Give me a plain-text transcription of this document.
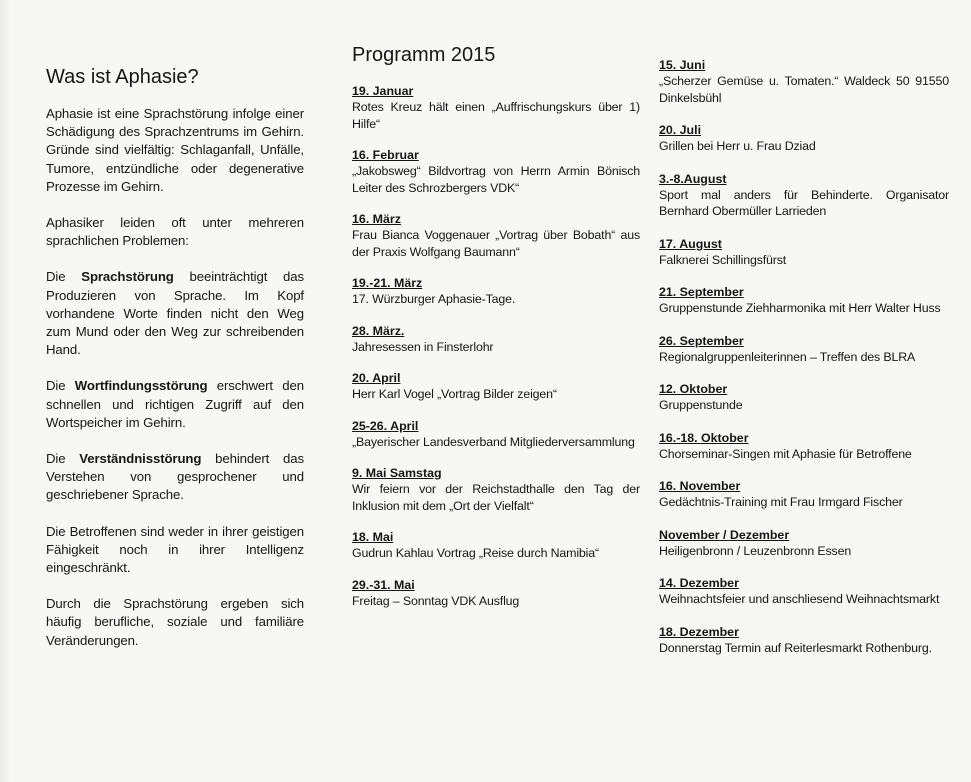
Was ist Aphasie?

Aphasie ist eine Sprachstörung infolge einer Schädigung des Sprachzentrums im Gehirn. Gründe sind vielfältig: Schlaganfall, Unfälle, Tumore, entzündliche oder degenerative Prozesse im Gehirn.

Aphasiker leiden oft unter mehreren sprachlichen Problemen:

Die Sprachstörung beeinträchtigt das Produzieren von Sprache. Im Kopf vorhandene Worte finden nicht den Weg zum Mund oder den Weg zur schreibenden Hand.

Die Wortfindungsstörung erschwert den schnellen und richtigen Zugriff auf den Wortspeicher im Gehirn.

Die Verständnisstörung behindert das Verstehen von gesprochener und geschriebener Sprache.

Die Betroffenen sind weder in ihrer geistigen Fähigkeit noch in ihrer Intelligenz eingeschränkt.

Durch die Sprachstörung ergeben sich häufig berufliche, soziale und familiäre Veränderungen.

Programm 2015
19. Januar
Rotes Kreuz hält einen „Auffrischungskurs über 1) Hilfe“
16. Februar
„Jakobsweg“ Bildvortrag von Herrn Armin Bönisch Leiter des Schrozbergers VDK“
16. März
Frau Bianca Voggenauer „Vortrag über Bobath“ aus der Praxis Wolfgang Baumann“
19.-21. März
17. Würzburger Aphasie-Tage.
28. März.
Jahresessen in Finsterlohr
20. April
Herr Karl Vogel „Vortrag Bilder zeigen“
25-26. April
„Bayerischer Landesverband Mitgliederversammlung
9. Mai Samstag
Wir feiern vor der Reichstadthalle den Tag der Inklusion mit dem „Ort der Vielfalt“
18. Mai
Gudrun Kahlau Vortrag „Reise durch Namibia“
29.-31. Mai
Freitag – Sonntag VDK Ausflug
15. Juni
„Scherzer Gemüse u. Tomaten.“ Waldeck 50 91550 Dinkelsbühl
20. Juli
Grillen bei Herr u. Frau Dziad
3.-8.August
Sport mal anders für Behinderte. Organisator Bernhard Obermüller Larrieden
17. August
Falknerei Schillingsfürst
21. September
Gruppenstunde Ziehharmonika mit Herr Walter Huss
26. September
Regionalgruppenleiterinnen – Treffen des BLRA
12. Oktober
Gruppenstunde
16.-18. Oktober
Chorseminar-Singen mit Aphasie für Betroffene
16. November
Gedächtnis-Training mit Frau Irmgard Fischer
November / Dezember
Heiligenbronn / Leuzenbronn Essen
14. Dezember
Weihnachtsfeier und anschliesend Weihnachtsmarkt
18. Dezember
Donnerstag Termin auf Reiterlesmarkt Rothenburg.
